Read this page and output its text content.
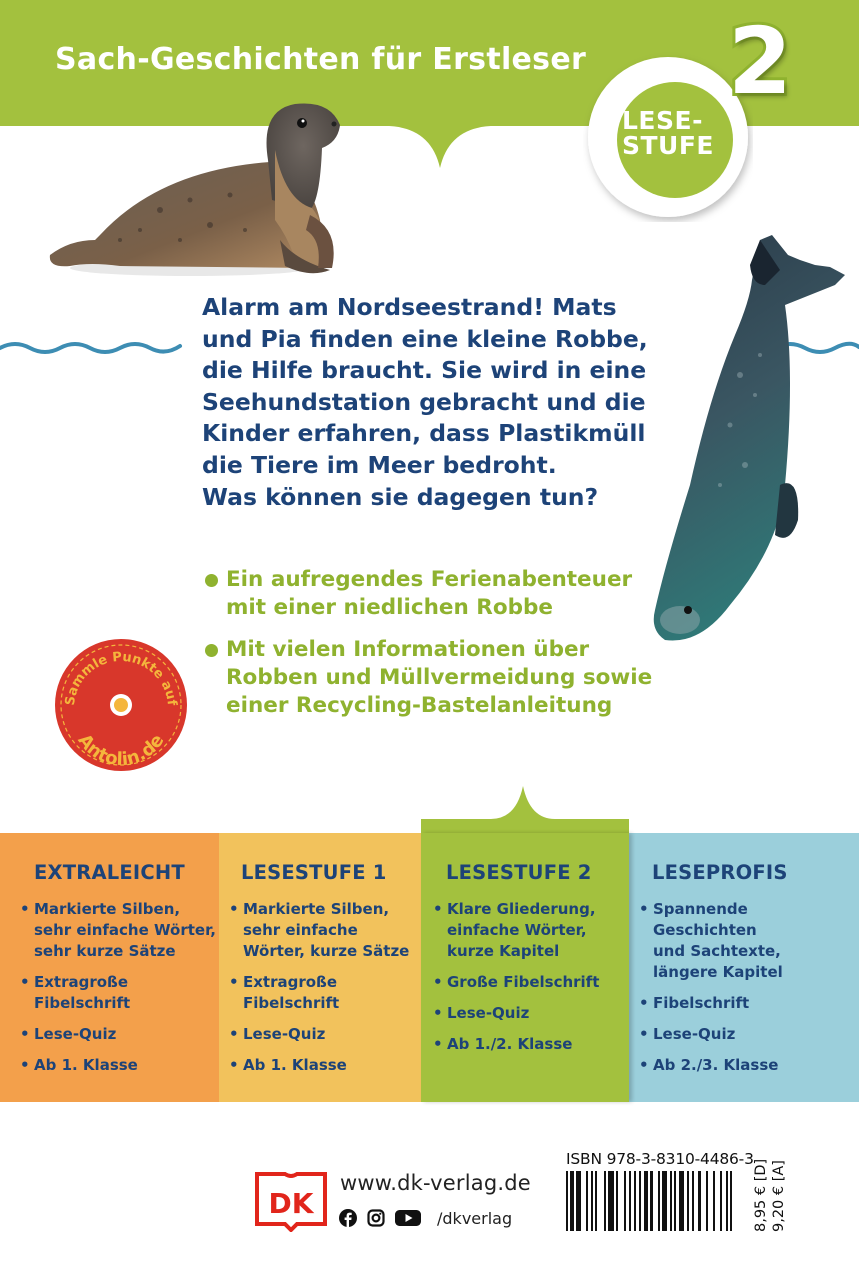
Sach-Geschichten für Erstleser
LESE-
STUFE
2
Alarm am Nordseestrand! Mats
und Pia finden eine kleine Robbe,
die Hilfe braucht. Sie wird in eine
Seehundstation gebracht und die
Kinder erfahren, dass Plastikmüll
die Tiere im Meer bedroht.
Was können sie dagegen tun?
Ein aufregendes Ferienabenteuer
mit einer niedlichen Robbe
Mit vielen Informationen über
Robben und Müllvermeidung sowie
einer Recycling-Bastelanleitung
Sammle Punkte auf
Antolin.de
EXTRALEICHT
• Markierte Silben,
sehr einfache Wörter,
sehr kurze Sätze
• Extragroße
Fibelschrift
• Lese-Quiz
• Ab 1. Klasse
LESESTUFE 1
• Markierte Silben,
sehr einfache
Wörter, kurze Sätze
• Extragroße
Fibelschrift
• Lese-Quiz
• Ab 1. Klasse
LESESTUFE 2
• Klare Gliederung,
einfache Wörter,
kurze Kapitel
• Große Fibelschrift
• Lese-Quiz
• Ab 1./2. Klasse
LESEPROFIS
• Spannende
Geschichten
und Sachtexte,
längere Kapitel
• Fibelschrift
• Lese-Quiz
• Ab 2./3. Klasse
DK
www.dk-verlag.de
/dkverlag
ISBN 978-3-8310-4486-3 8,95 € [D] 9,20 € [A]
